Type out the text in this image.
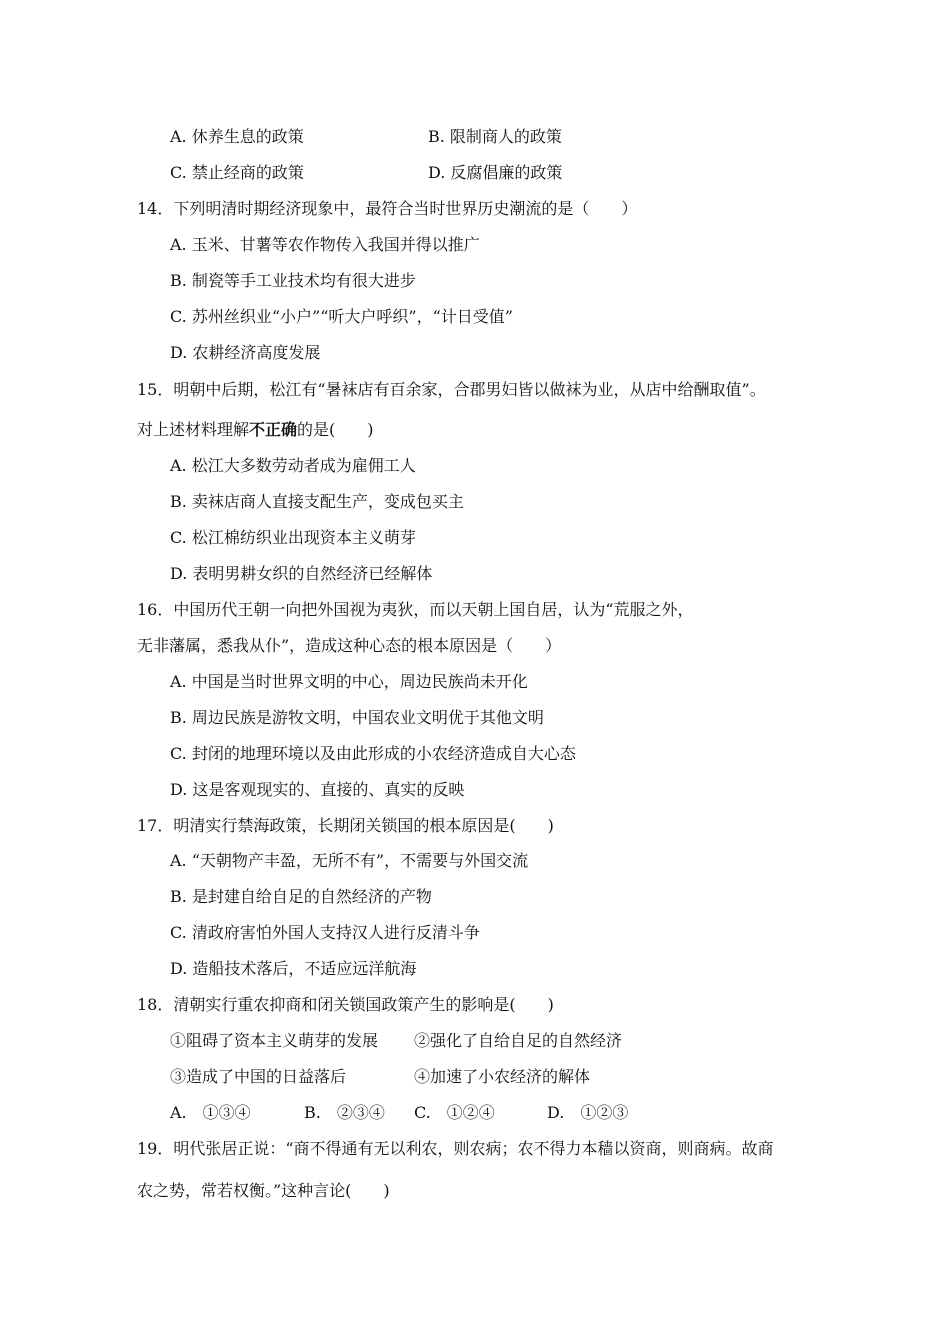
A. 休养生息的政策	B. 限制商人的政策
C. 禁止经商的政策	D. 反腐倡廉的政策
14．下列明清时期经济现象中，最符合当时世界历史潮流的是（　　）
A. 玉米、甘薯等农作物传入我国并得以推广
B. 制瓷等手工业技术均有很大进步
C. 苏州丝织业“小户”“听大户呼织”，“计日受值”
D. 农耕经济高度发展
15．明朝中后期，松江有“暑袜店有百余家，合郡男妇皆以做袜为业，从店中给酬取值”。
对上述材料理解不正确的是(　　)
A. 松江大多数劳动者成为雇佣工人
B. 卖袜店商人直接支配生产，变成包买主
C. 松江棉纺织业出现资本主义萌芽
D. 表明男耕女织的自然经济已经解体
16．中国历代王朝一向把外国视为夷狄，而以天朝上国自居，认为“荒服之外，
无非藩属，悉我从仆”，造成这种心态的根本原因是（　　）
A. 中国是当时世界文明的中心，周边民族尚未开化
B. 周边民族是游牧文明，中国农业文明优于其他文明
C. 封闭的地理环境以及由此形成的小农经济造成自大心态
D. 这是客观现实的、直接的、真实的反映
17．明清实行禁海政策，长期闭关锁国的根本原因是(　　)
A. “天朝物产丰盈，无所不有”，不需要与外国交流
B. 是封建自给自足的自然经济的产物
C. 清政府害怕外国人支持汉人进行反清斗争
D. 造船技术落后，不适应远洋航海
18．清朝实行重农抑商和闭关锁国政策产生的影响是(　　)
①阻碍了资本主义萌芽的发展 ②强化了自给自足的自然经济
③造成了中国的日益落后	④加速了小农经济的解体
A.　①③④	B.　②③④ C.　①②④	D.　①②③
19．明代张居正说：“商不得通有无以利农，则农病；农不得力本穑以资商，则商病。故商
农之势，常若权衡。”这种言论(　　)
